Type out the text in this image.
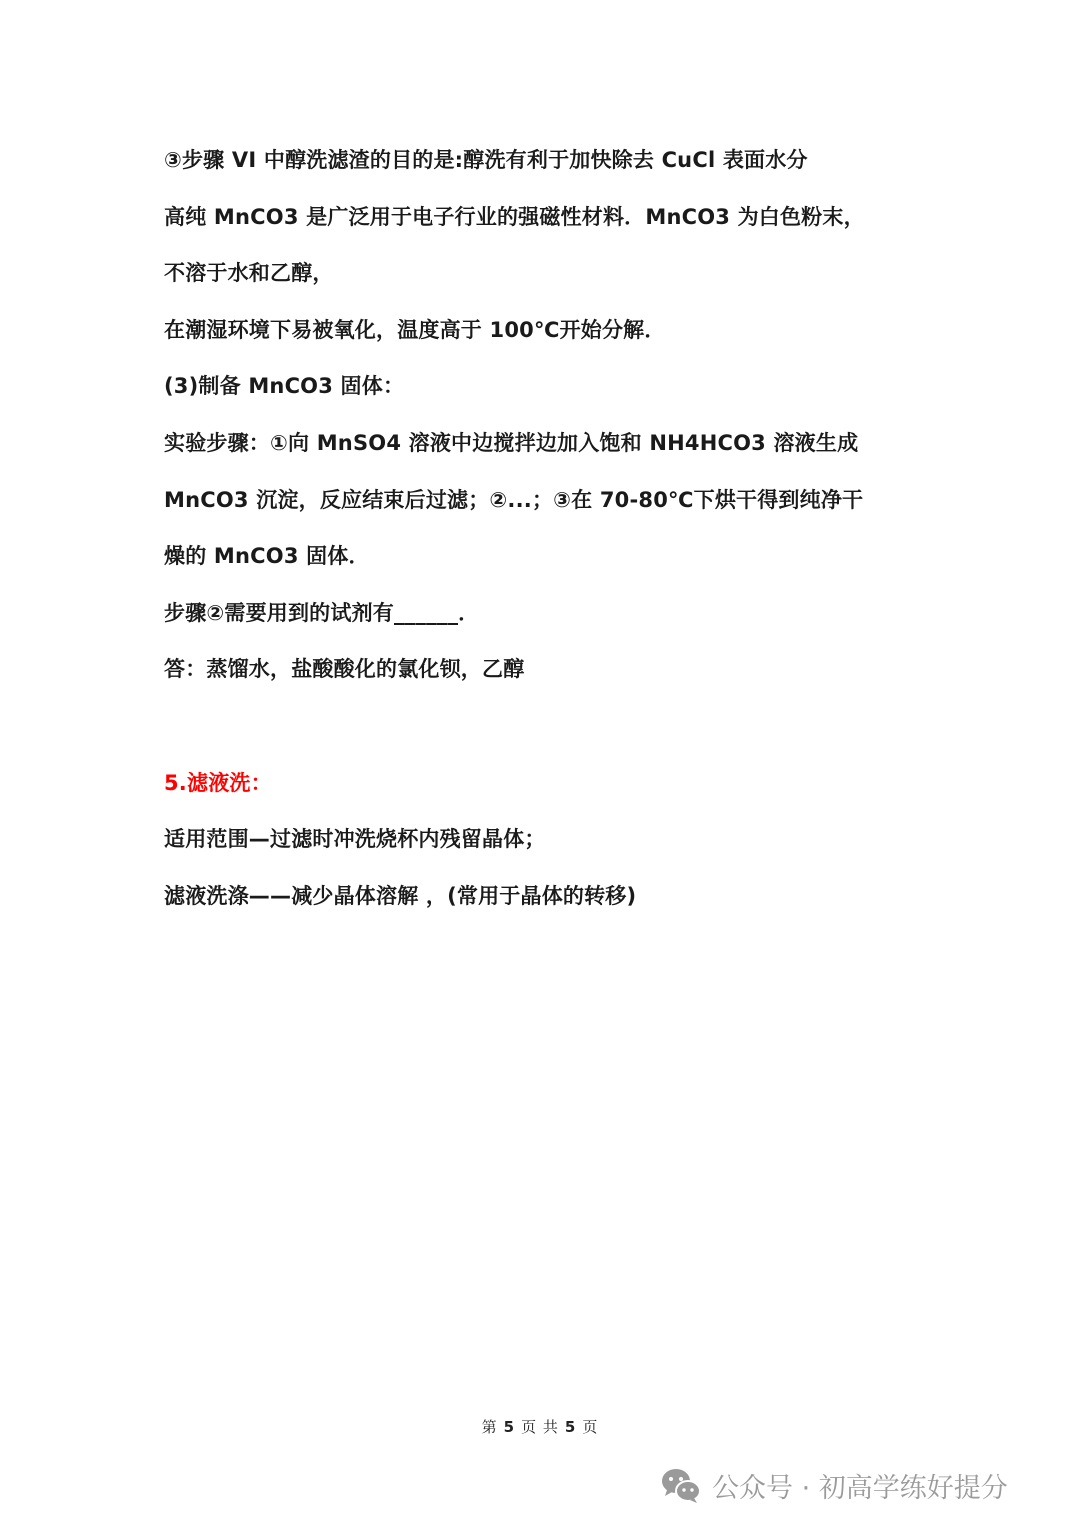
③步骤 VI 中醇洗滤渣的目的是:醇洗有利于加快除去 CuCl 表面水分
高纯 MnCO3 是广泛用于电子行业的强磁性材料．MnCO3 为白色粉末，
不溶于水和乙醇，
在潮湿环境下易被氧化，温度高于 100℃开始分解．
(3)制备 MnCO3 固体：
实验步骤：①向 MnSO4 溶液中边搅拌边加入饱和 NH4HCO3 溶液生成
MnCO3 沉淀，反应结束后过滤；②...；③在 70-80℃下烘干得到纯净干
燥的 MnCO3 固体．
步骤②需要用到的试剂有______．
答：蒸馏水，盐酸酸化的氯化钡，乙醇
5.滤液洗：
适用范围—过滤时冲洗烧杯内残留晶体；
滤液洗涤——减少晶体溶解 ，(常用于晶体的转移)
第 5 页 共 5 页
公众号 · 初高学练好提分
